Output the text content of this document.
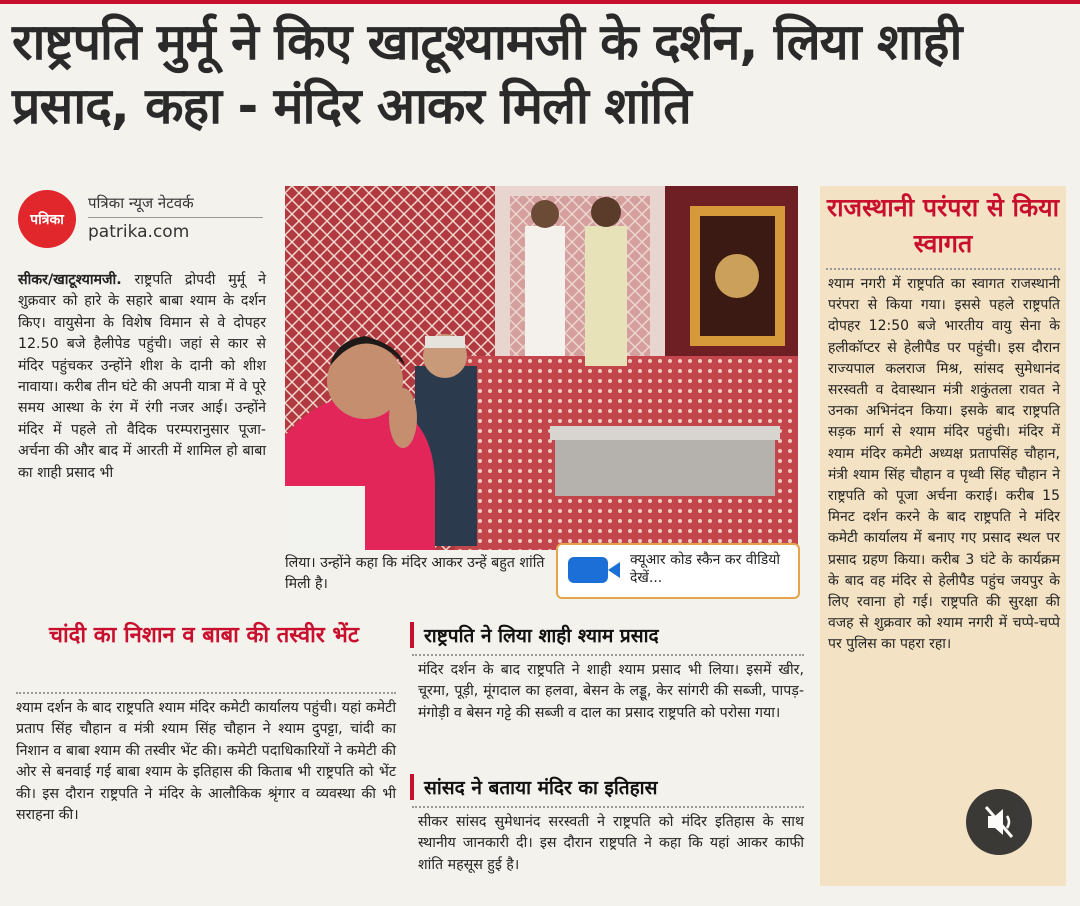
राष्ट्रपति मुर्मू ने किए खाटूश्यामजी के दर्शन, लिया शाही प्रसाद, कहा - मंदिर आकर मिली शांति
पत्रिका
पत्रिका न्यूज नेटवर्क
patrika.com

सीकर/खाटूश्यामजी. राष्ट्रपति द्रोपदी मुर्मू ने शुक्रवार को हारे के सहारे बाबा श्याम के दर्शन किए। वायुसेना के विशेष विमान से वे दोपहर 12.50 बजे हैलीपेड पहुंची। जहां से कार से मंदिर पहुंचकर उन्होंने शीश के दानी को शीश नावाया। करीब तीन घंटे की अपनी यात्रा में वे पूरे समय आस्था के रंग में रंगी नजर आई। उन्होंने मंदिर में पहले तो वैदिक परम्परानुसार पूजा-अर्चना की और बाद में आरती में शामिल हो बाबा का शाही प्रसाद भी

क्यूआर कोड स्कैन कर वीडियो देखें...

लिया। उन्होंने कहा कि मंदिर आकर उन्हें बहुत शांति मिली है।

चांदी का निशान व बाबा की तस्वीर भेंट

श्याम दर्शन के बाद राष्ट्रपति श्याम मंदिर कमेटी कार्यालय पहुंची। यहां कमेटी प्रताप सिंह चौहान व मंत्री श्याम सिंह चौहान ने श्याम दुपट्टा, चांदी का निशान व बाबा श्याम की तस्वीर भेंट की। कमेटी पदाधिकारियों ने कमेटी की ओर से बनवाई गई बाबा श्याम के इतिहास की किताब भी राष्ट्रपति को भेंट की। इस दौरान राष्ट्रपति ने मंदिर के आलौकिक श्रृंगार व व्यवस्था की भी सराहना की।

राष्ट्रपति ने लिया शाही श्याम प्रसाद

मंदिर दर्शन के बाद राष्ट्रपति ने शाही श्याम प्रसाद भी लिया। इसमें खीर, चूरमा, पूड़ी, मूंगदाल का हलवा, बेसन के लड्डू, केर सांगरी की सब्जी, पापड़-मंगोड़ी व बेसन गट्टे की सब्जी व दाल का प्रसाद राष्ट्रपति को परोसा गया।

सांसद ने बताया मंदिर का इतिहास

सीकर सांसद सुमेधानंद सरस्वती ने राष्ट्रपति को मंदिर इतिहास के साथ स्थानीय जानकारी दी। इस दौरान राष्ट्रपति ने कहा कि यहां आकर काफी शांति महसूस हुई है।

राजस्थानी परंपरा से किया स्वागत

श्याम नगरी में राष्ट्रपति का स्वागत राजस्थानी परंपरा से किया गया। इससे पहले राष्ट्रपति दोपहर 12:50 बजे भारतीय वायु सेना के हलीकॉप्टर से हेलीपैड पर पहुंची। इस दौरान राज्यपाल कलराज मिश्र, सांसद सुमेधानंद सरस्वती व देवास्थान मंत्री शकुंतला रावत ने उनका अभिनंदन किया। इसके बाद राष्ट्रपति सड़क मार्ग से श्याम मंदिर पहुंची। मंदिर में श्याम मंदिर कमेटी अध्यक्ष प्रतापसिंह चौहान, मंत्री श्याम सिंह चौहान व पृथ्वी सिंह चौहान ने राष्ट्रपति को पूजा अर्चना कराई। करीब 15 मिनट दर्शन करने के बाद राष्ट्रपति ने मंदिर कमेटी कार्यालय में बनाए गए प्रसाद स्थल पर प्रसाद ग्रहण किया। करीब 3 घंटे के कार्यक्रम के बाद वह मंदिर से हेलीपैड पहुंच जयपुर के लिए रवाना हो गई। राष्ट्रपति की सुरक्षा की वजह से शुक्रवार को श्याम नगरी में चप्पे-चप्पे पर पुलिस का पहरा रहा।
